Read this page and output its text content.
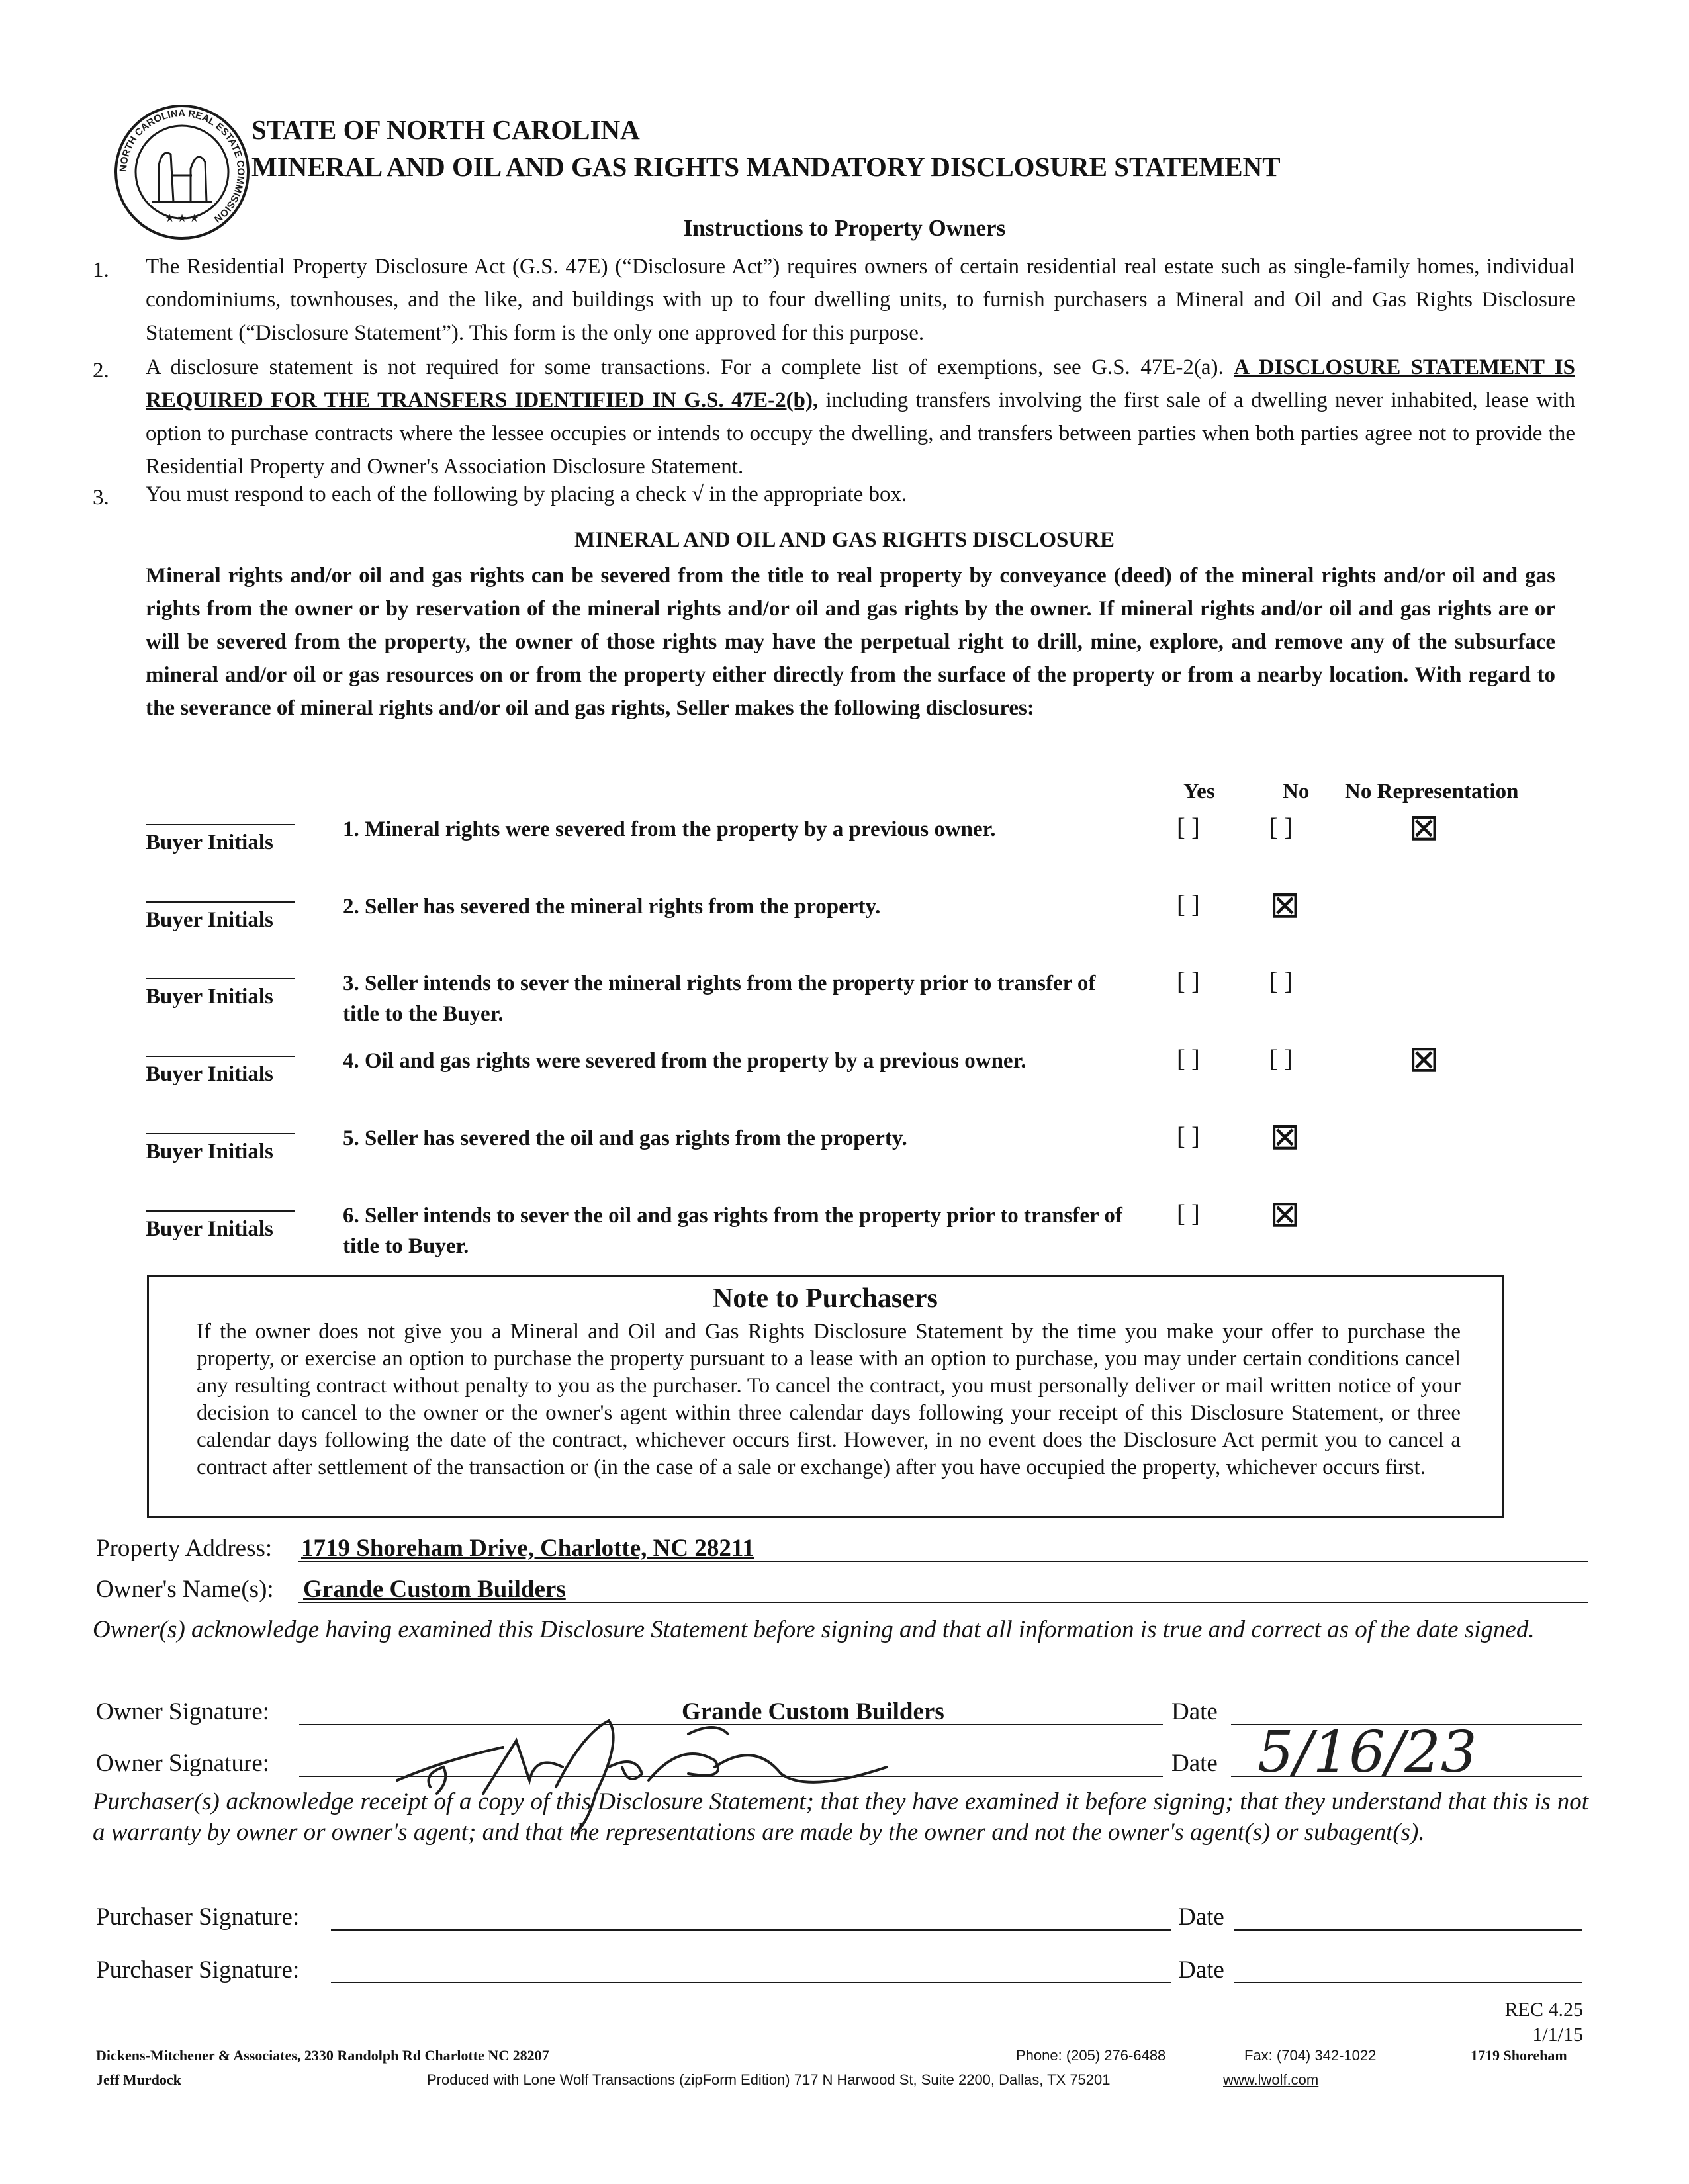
NORTH CAROLINA REAL ESTATE COMMISSION
★ ★ ★
STATE OF NORTH CAROLINA
MINERAL AND OIL AND GAS RIGHTS MANDATORY DISCLOSURE STATEMENT
Instructions to Property Owners
1. The Residential Property Disclosure Act (G.S. 47E) (“Disclosure Act”) requires owners of certain residential real estate such as single-family homes, individual condominiums, townhouses, and the like, and buildings with up to four dwelling units, to furnish purchasers a Mineral and Oil and Gas Rights Disclosure Statement (“Disclosure Statement”). This form is the only one approved for this purpose.

2. A disclosure statement is not required for some transactions. For a complete list of exemptions, see G.S. 47E-2(a). A DISCLOSURE STATEMENT IS REQUIRED FOR THE TRANSFERS IDENTIFIED IN G.S. 47E-2(b), including transfers involving the first sale of a dwelling never inhabited, lease with option to purchase contracts where the lessee occupies or intends to occupy the dwelling, and transfers between parties when both parties agree not to provide the Residential Property and Owner's Association Disclosure Statement.

3. You must respond to each of the following by placing a check √ in the appropriate box.

MINERAL AND OIL AND GAS RIGHTS DISCLOSURE
Mineral rights and/or oil and gas rights can be severed from the title to real property by conveyance (deed) of the mineral rights and/or oil and gas rights from the owner or by reservation of the mineral rights and/or oil and gas rights by the owner. If mineral rights and/or oil and gas rights are or will be severed from the property, the owner of those rights may have the perpetual right to drill, mine, explore, and remove any of the subsurface mineral and/or oil or gas resources on or from the property either directly from the surface of the property or from a nearby location. With regard to the severance of mineral rights and/or oil and gas rights, Seller makes the following disclosures:
Yes	No No Representation
Buyer Initials
1. Mineral rights were severed from the property by a previous owner.	[ ]	[ ]	⊠
Buyer Initials
2. Seller has severed the mineral rights from the property.	[ ] ⊠
Buyer Initials
3. Seller intends to sever the mineral rights from the property prior to transfer of title to the Buyer.
[ ]	[ ]
Buyer Initials
4. Oil and gas rights were severed from the property by a previous owner.	[ ]	[ ]	⊠
Buyer Initials
5. Seller has severed the oil and gas rights from the property.	[ ] ⊠
Buyer Initials
6. Seller intends to sever the oil and gas rights from the property prior to transfer of title to Buyer.
[ ] ⊠
Note to Purchasers
If the owner does not give you a Mineral and Oil and Gas Rights Disclosure Statement by the time you make your offer to purchase the property, or exercise an option to purchase the property pursuant to a lease with an option to purchase, you may under certain conditions cancel any resulting contract without penalty to you as the purchaser. To cancel the contract, you must personally deliver or mail written notice of your decision to cancel to the owner or the owner's agent within three calendar days following your receipt of this Disclosure Statement, or three calendar days following the date of the contract, whichever occurs first. However, in no event does the Disclosure Act permit you to cancel a contract after settlement of the transaction or (in the case of a sale or exchange) after you have occupied the property, whichever occurs first.
Property Address: 1719 Shoreham Drive, Charlotte, NC 28211
Owner's Name(s): Grande Custom Builders
Owner(s) acknowledge having examined this Disclosure Statement before signing and that all information is true and correct as of the date signed.
Owner Signature:	Grande Custom Builders	Date
Owner Signature:	Date 5/16/23
Purchaser(s) acknowledge receipt of a copy of this Disclosure Statement; that they have examined it before signing; that they understand that this is not a warranty by owner or owner's agent; and that the representations are made by the owner and not the owner's agent(s) or subagent(s).
Purchaser Signature:	Date
Purchaser Signature:	Date
REC 4.25
1/1/15
Dickens-Mitchener & Associates, 2330 Randolph Rd Charlotte NC 28207	Phone: (205) 276-6488	Fax: (704) 342-1022	1719 Shoreham
Jeff Murdock	Produced with Lone Wolf Transactions (zipForm Edition) 717 N Harwood St, Suite 2200, Dallas, TX 75201	www.lwolf.com
